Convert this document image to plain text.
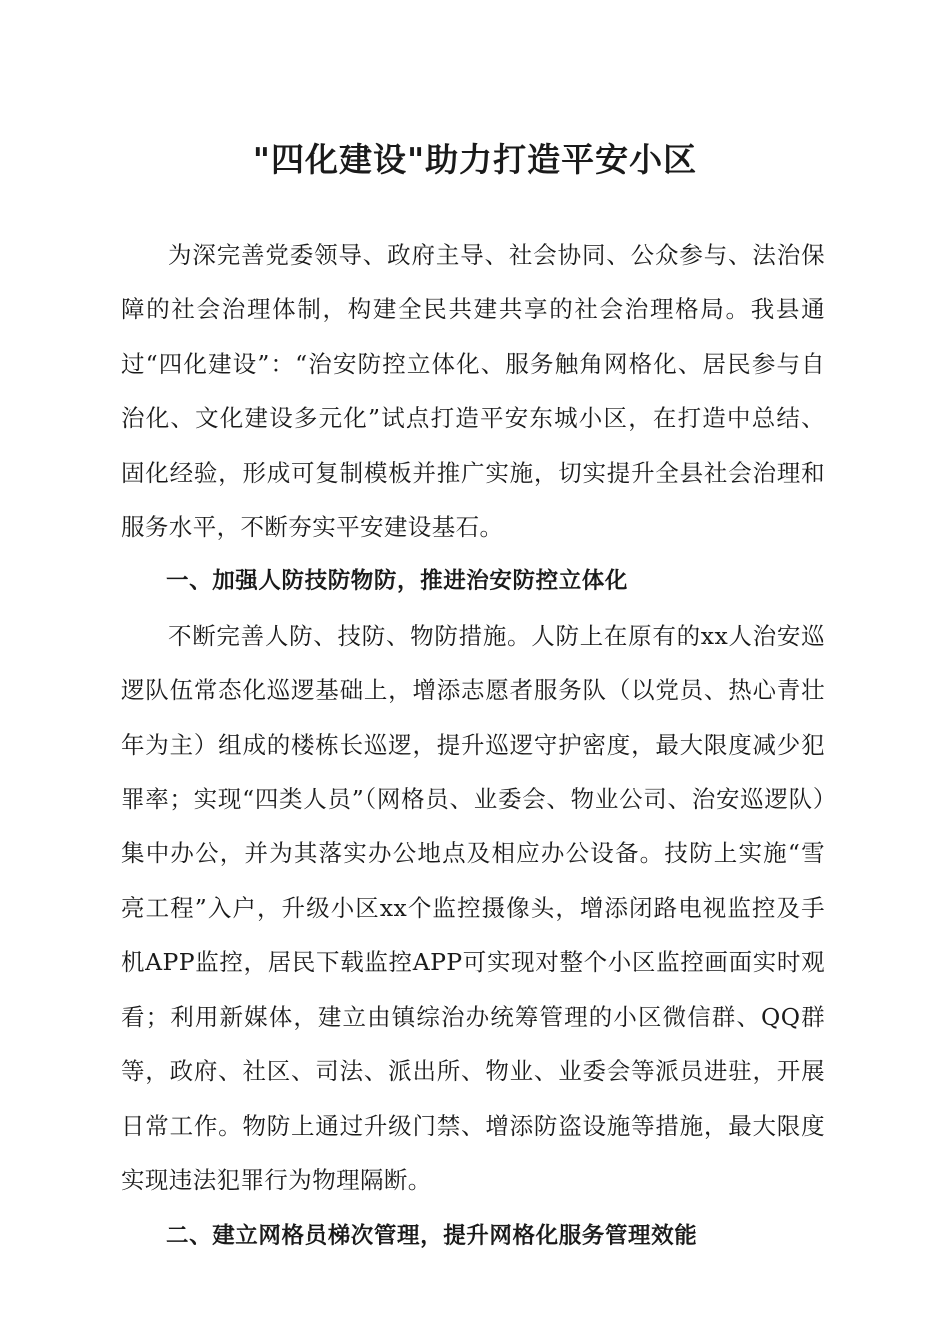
"四化建设"助力打造平安小区

为深完善党委领导、政府主导、社会协同、公众参与、法治保障的社会治理体制，构建全民共建共享的社会治理格局。我县通过“四化建设”：“治安防控立体化、服务触角网格化、居民参与自治化、文化建设多元化”试点打造平安东城小区，在打造中总结、固化经验，形成可复制模板并推广实施，切实提升全县社会治理和服务水平，不断夯实平安建设基石。

一、加强人防技防物防，推进治安防控立体化

不断完善人防、技防、物防措施。人防上在原有的xx人治安巡逻队伍常态化巡逻基础上，增添志愿者服务队（以党员、热心青壮年为主）组成的楼栋长巡逻，提升巡逻守护密度，最大限度减少犯罪率；实现“四类人员”（网格员、业委会、物业公司、治安巡逻队）集中办公，并为其落实办公地点及相应办公设备。技防上实施“雪亮工程”入户，升级小区xx个监控摄像头，增添闭路电视监控及手机APP监控，居民下载监控APP可实现对整个小区监控画面实时观看；利用新媒体，建立由镇综治办统筹管理的小区微信群、QQ群等，政府、社区、司法、派出所、物业、业委会等派员进驻，开展日常工作。物防上通过升级门禁、增添防盗设施等措施，最大限度实现违法犯罪行为物理隔断。

二、建立网格员梯次管理，提升网格化服务管理效能
